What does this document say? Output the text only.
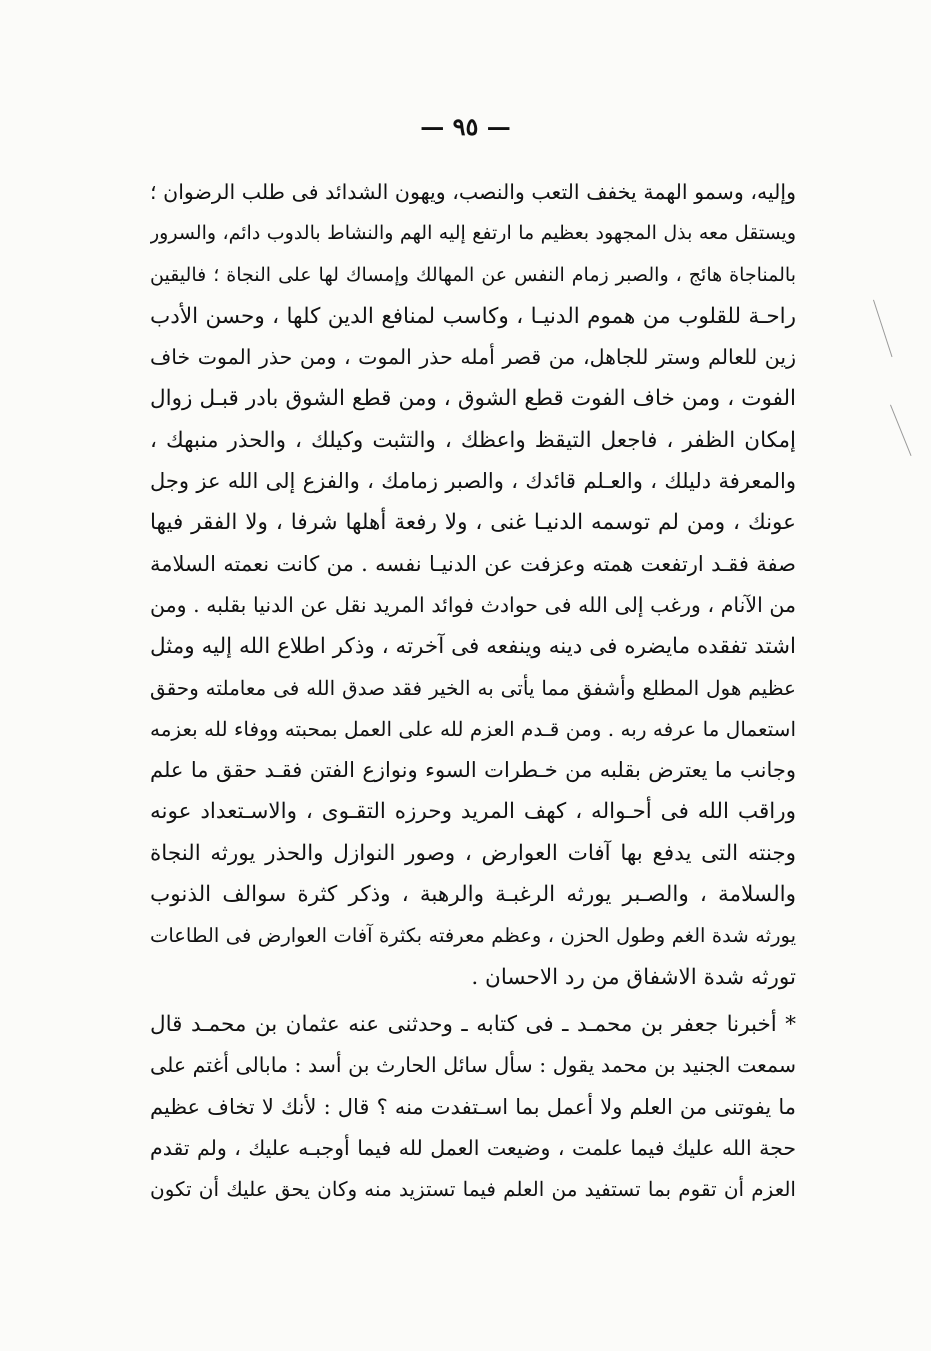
— ٩٥ —
وإليه، وسمو الهمة يخفف التعب والنصب، ويهون الشدائد فى طلب الرضوان ؛
ويستقل معه بذل المجهود بعظيم ما ارتفع إليه الهم والنشاط بالدوب دائم، والسرور
بالمناجاة هائج ، والصبر زمام النفس عن المهالك وإمساك لها على النجاة ؛ فاليقين
راحـة للقلوب من هموم الدنيـا ، وكاسب لمنافع الدين كلها ، وحسن الأدب
زين للعالم وستر للجاهل، من قصر أمله حذر الموت ، ومن حذر الموت خاف
الفوت ، ومن خاف الفوت قطع الشوق ، ومن قطع الشوق بادر قبـل زوال
إمكان الظفر ، فاجعل التيقظ واعظك ، والتثبت وكيلك ، والحذر منبهك ،
والمعرفة دليلك ، والعـلم قائدك ، والصبر زمامك ، والفزع إلى الله عز وجل
عونك ، ومن لم توسمه الدنيـا غنى ، ولا رفعة أهلها شرفا ، ولا الفقر فيها
صفة فقـد ارتفعت همته وعزفت عن الدنيـا نفسه . من كانت نعمته السلامة
من الآنام ، ورغب إلى الله فى حوادث فوائد المريد نقل عن الدنيا بقلبه . ومن
اشتد تفقده مايضره فى دينه وينفعه فى آخرته ، وذكر اطلاع الله إليه ومثل
عظيم هول المطلع وأشفق مما يأتى به الخير فقد صدق الله فى معاملته وحقق
استعمال ما عرفه ربه . ومن قـدم العزم لله على العمل بمحبته ووفاء لله بعزمه
وجانب ما يعترض بقلبه من خـطرات السوء ونوازع الفتن فقـد حقق ما علم
وراقب الله فى أحـواله ، كهف المريد وحرزه التقـوى ، والاسـتعداد عونه
وجنته التى يدفع بها آفات العوارض ، وصور النوازل والحذر يورثه النجاة
والسلامة ، والصـبر يورثه الرغبـة والرهبة ، وذكر كثرة سوالف الذنوب
يورثه شدة الغم وطول الحزن ، وعظم معرفته بكثرة آفات العوارض فى الطاعات
تورثه شدة الاشفاق من رد الاحسان .
* أخبرنا جعفر بن محمـد ـ فى كتابه ـ وحدثنى عنه عثمان بن محمـد قال
سمعت الجنيد بن محمد يقول : سأل سائل الحارث بن أسد : مابالى أغتم على
ما يفوتنى من العلم ولا أعمل بما اسـتفدت منه ؟ قال : لأنك لا تخاف عظيم
حجة الله عليك فيما علمت ، وضيعت العمل لله فيما أوجبـه عليك ، ولم تقدم
العزم أن تقوم بما تستفيد من العلم فيما تستزيد منه وكان يحق عليك أن تكون
